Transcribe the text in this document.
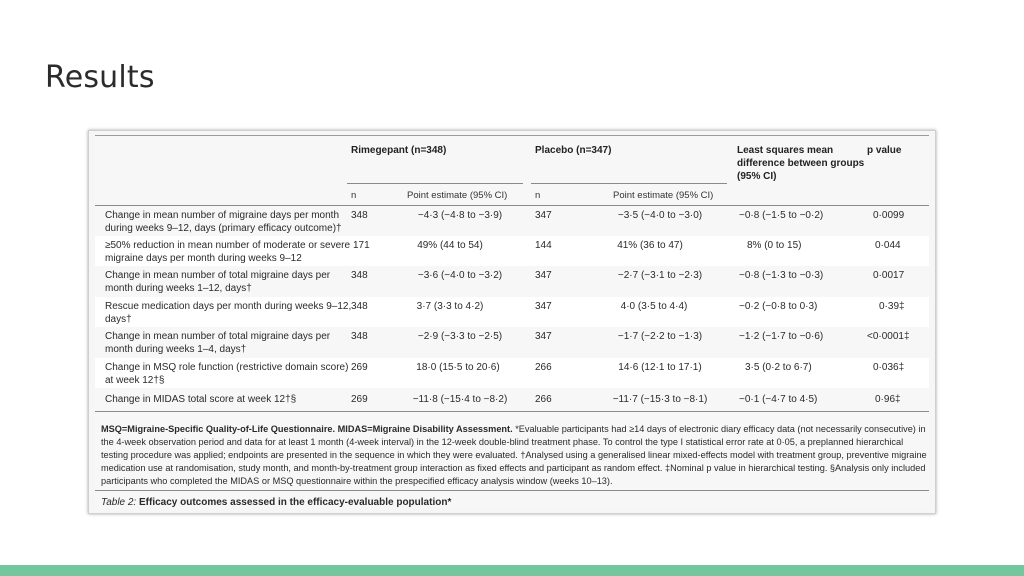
Results
Rimegepant (n=348)	Placebo (n=347)	Least squares mean
difference between groups
(95% CI)
p value
n	Point estimate (95% CI)	n	Point estimate (95% CI)
Change in mean number of migraine days per month
during weeks 9–12, days (primary efficacy outcome)†
348	−4·3 (−4·8 to −3·9)	347	−3·5 (−4·0 to −3·0)	−0·8 (−1·5 to −0·2)	0·0099
≥50% reduction in mean number of moderate or severe
migraine days per month during weeks 9–12
171	49% (44 to 54)	144	41% (36 to 47)	8% (0 to 15)	0·044
Change in mean number of total migraine days per
month during weeks 1–12, days†
348	−3·6 (−4·0 to −3·2)	347	−2·7 (−3·1 to −2·3)	−0·8 (−1·3 to −0·3)	0·0017
Rescue medication days per month during weeks 9–12,
days†
348	3·7 (3·3 to 4·2)	347	4·0 (3·5 to 4·4)	−0·2 (−0·8 to 0·3)	0·39‡
Change in mean number of total migraine days per
month during weeks 1–4, days†
348	−2·9 (−3·3 to −2·5)	347	−1·7 (−2·2 to −1·3)	−1·2 (−1·7 to −0·6)	<0·0001‡
Change in MSQ role function (restrictive domain score)
at week 12†§
269	18·0 (15·5 to 20·6)	266	14·6 (12·1 to 17·1)	3·5 (0·2 to 6·7)	0·036‡
Change in MIDAS total score at week 12†§	269	−11·8 (−15·4 to −8·2)	266	−11·7 (−15·3 to −8·1)	−0·1 (−4·7 to 4·5)	0·96‡
MSQ=Migraine-Specific Quality-of-Life Questionnaire. MIDAS=Migraine Disability Assessment. *Evaluable participants had ≥14 days of electronic diary efficacy data (not necessarily consecutive) in the 4-week observation period and data for at least 1 month (4-week interval) in the 12-week double-blind treatment phase. To control the type I statistical error rate at 0·05, a preplanned hierarchical testing procedure was applied; endpoints are presented in the sequence in which they were evaluated. †Analysed using a generalised linear mixed-effects model with treatment group, preventive migraine medication use at randomisation, study month, and month-by-treatment group interaction as fixed effects and participant as random effect. ‡Nominal p value in hierarchical testing. §Analysis only included participants who completed the MIDAS or MSQ questionnaire within the prespecified efficacy analysis window (weeks 10–13).
Table 2: Efficacy outcomes assessed in the efficacy-evaluable population*
